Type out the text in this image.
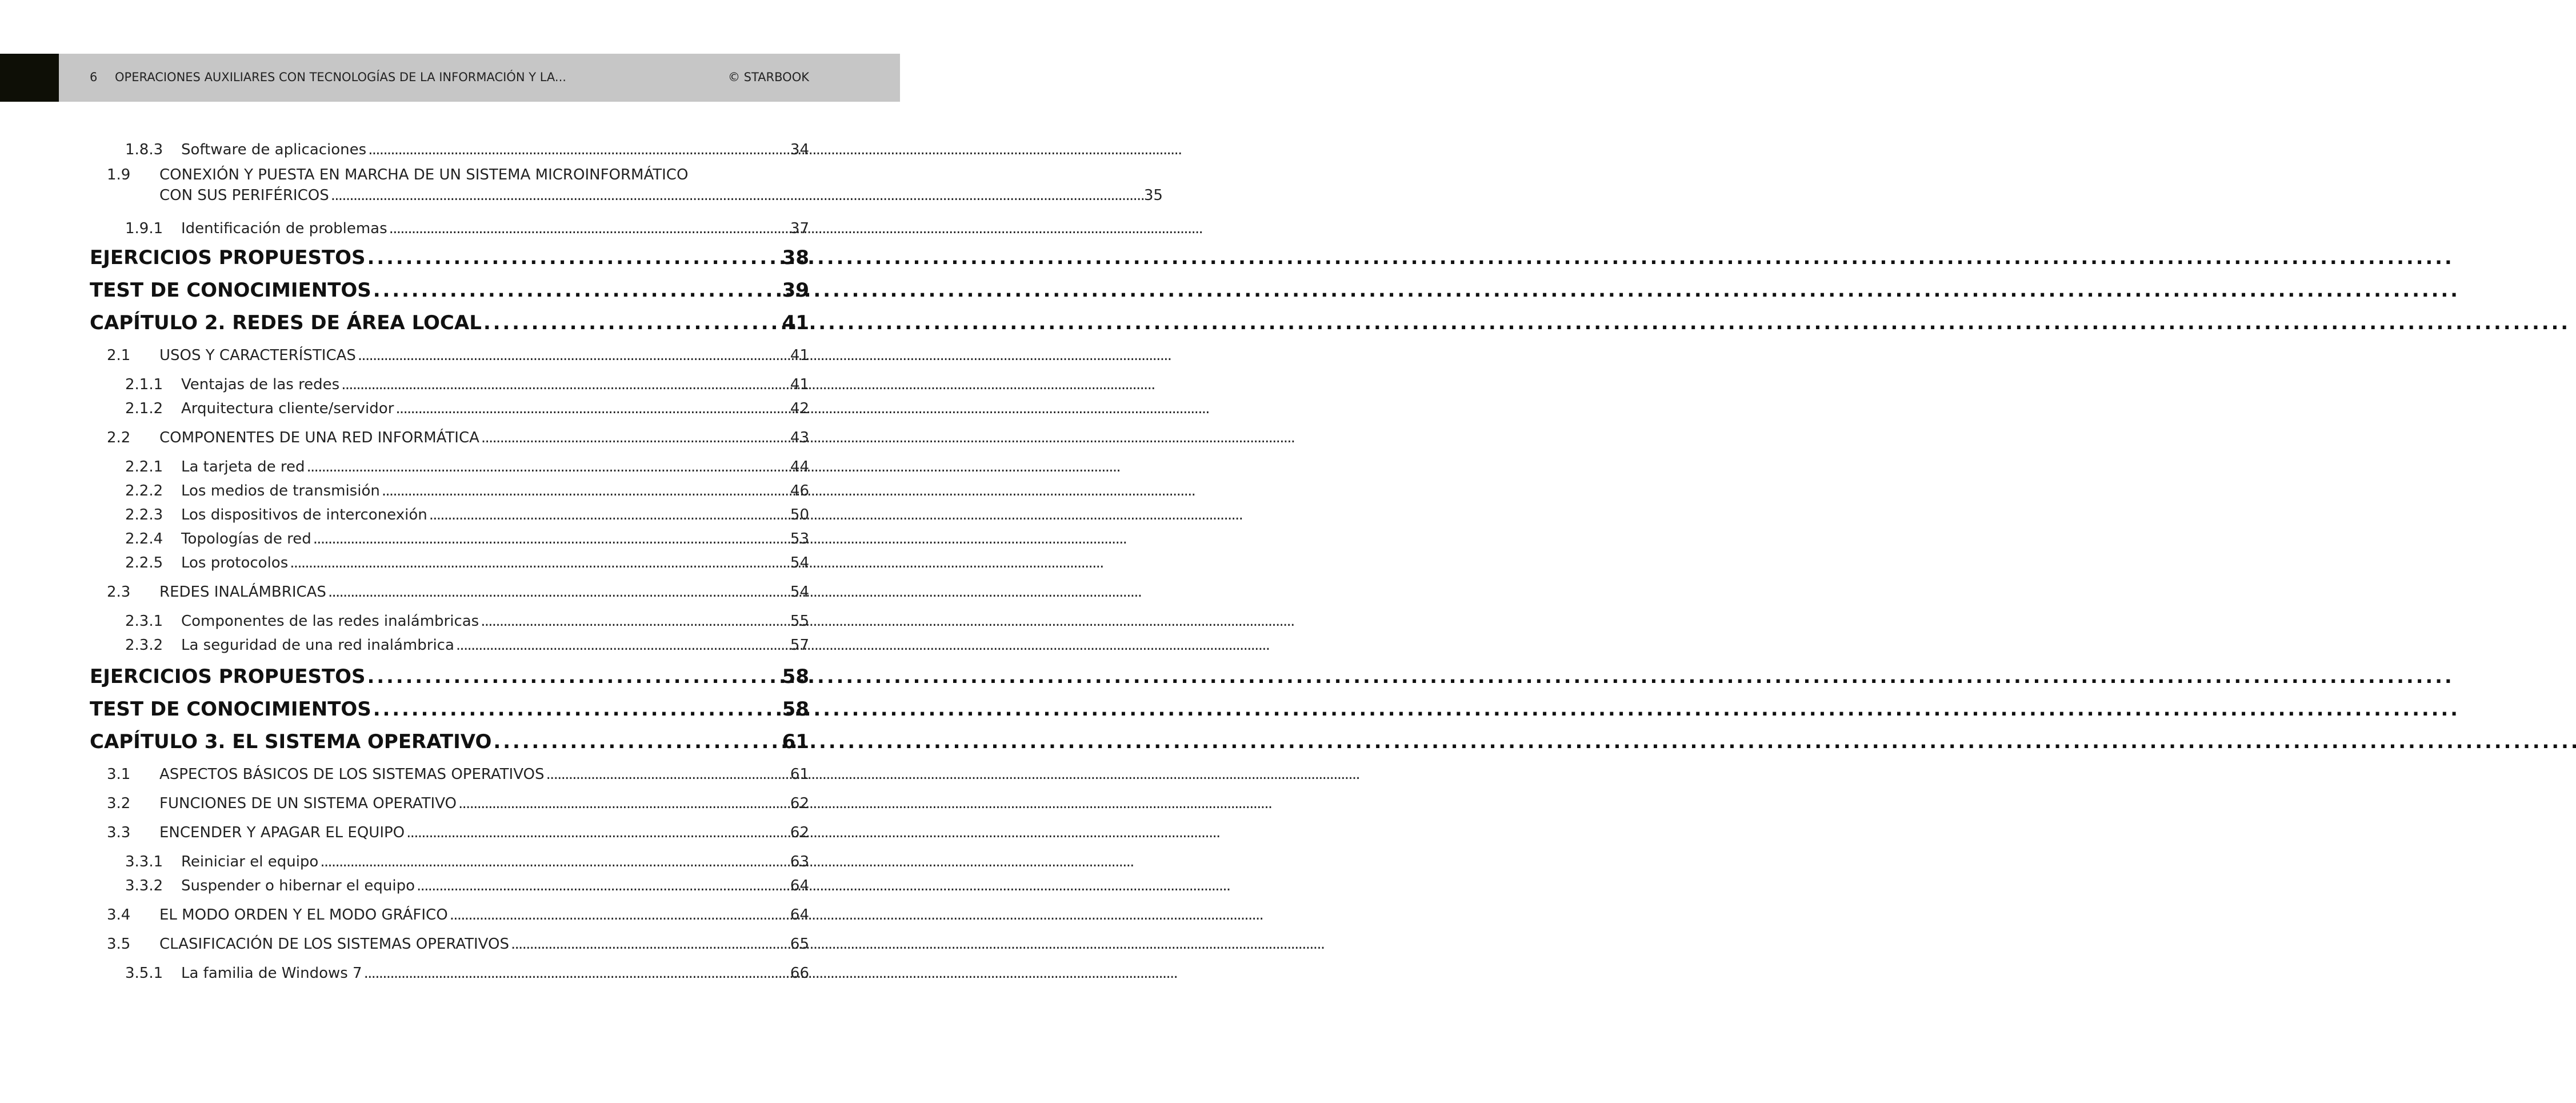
6 OPERACIONES AUXILIARES CON TECNOLOGÍAS DE LA INFORMACIÓN Y LA...	© STARBOOK
1.8.3	Software de aplicaciones . . .	34
1.9	CONEXIÓN Y PUESTA EN MARCHA DE UN SISTEMA MICROINFORMÁTICO
CON SUS PERIFÉRICOS . . .	35
1.9.1	Identificación de problemas . . .	37
EJERCICIOS PROPUESTOS . . .	38
TEST DE CONOCIMIENTOS . . .	39
CAPÍTULO 2. REDES DE ÁREA LOCAL . . .	41
2.1	USOS Y CARACTERÍSTICAS . . .	41
2.1.1	Ventajas de las redes . . .	41
2.1.2	Arquitectura cliente/servidor . . .	42
2.2	COMPONENTES DE UNA RED INFORMÁTICA . . .	43
2.2.1	La tarjeta de red . . .	44
2.2.2	Los medios de transmisión . . .	46
2.2.3	Los dispositivos de interconexión . . .	50
2.2.4	Topologías de red . . .	53
2.2.5	Los protocolos . . .	54
2.3	REDES INALÁMBRICAS . . .	54
2.3.1	Componentes de las redes inalámbricas . . .	55
2.3.2	La seguridad de una red inalámbrica . . .	57
EJERCICIOS PROPUESTOS . . .	58
TEST DE CONOCIMIENTOS . . .	58
CAPÍTULO 3. EL SISTEMA OPERATIVO . . .	61
3.1	ASPECTOS BÁSICOS DE LOS SISTEMAS OPERATIVOS . . .	61
3.2	FUNCIONES DE UN SISTEMA OPERATIVO . . .	62
3.3	ENCENDER Y APAGAR EL EQUIPO . . .	62
3.3.1	Reiniciar el equipo . . .	63
3.3.2	Suspender o hibernar el equipo . . .	64
3.4	EL MODO ORDEN Y EL MODO GRÁFICO . . .	64
3.5	CLASIFICACIÓN DE LOS SISTEMAS OPERATIVOS . . .	65
3.5.1	La familia de Windows 7 . . .	66
